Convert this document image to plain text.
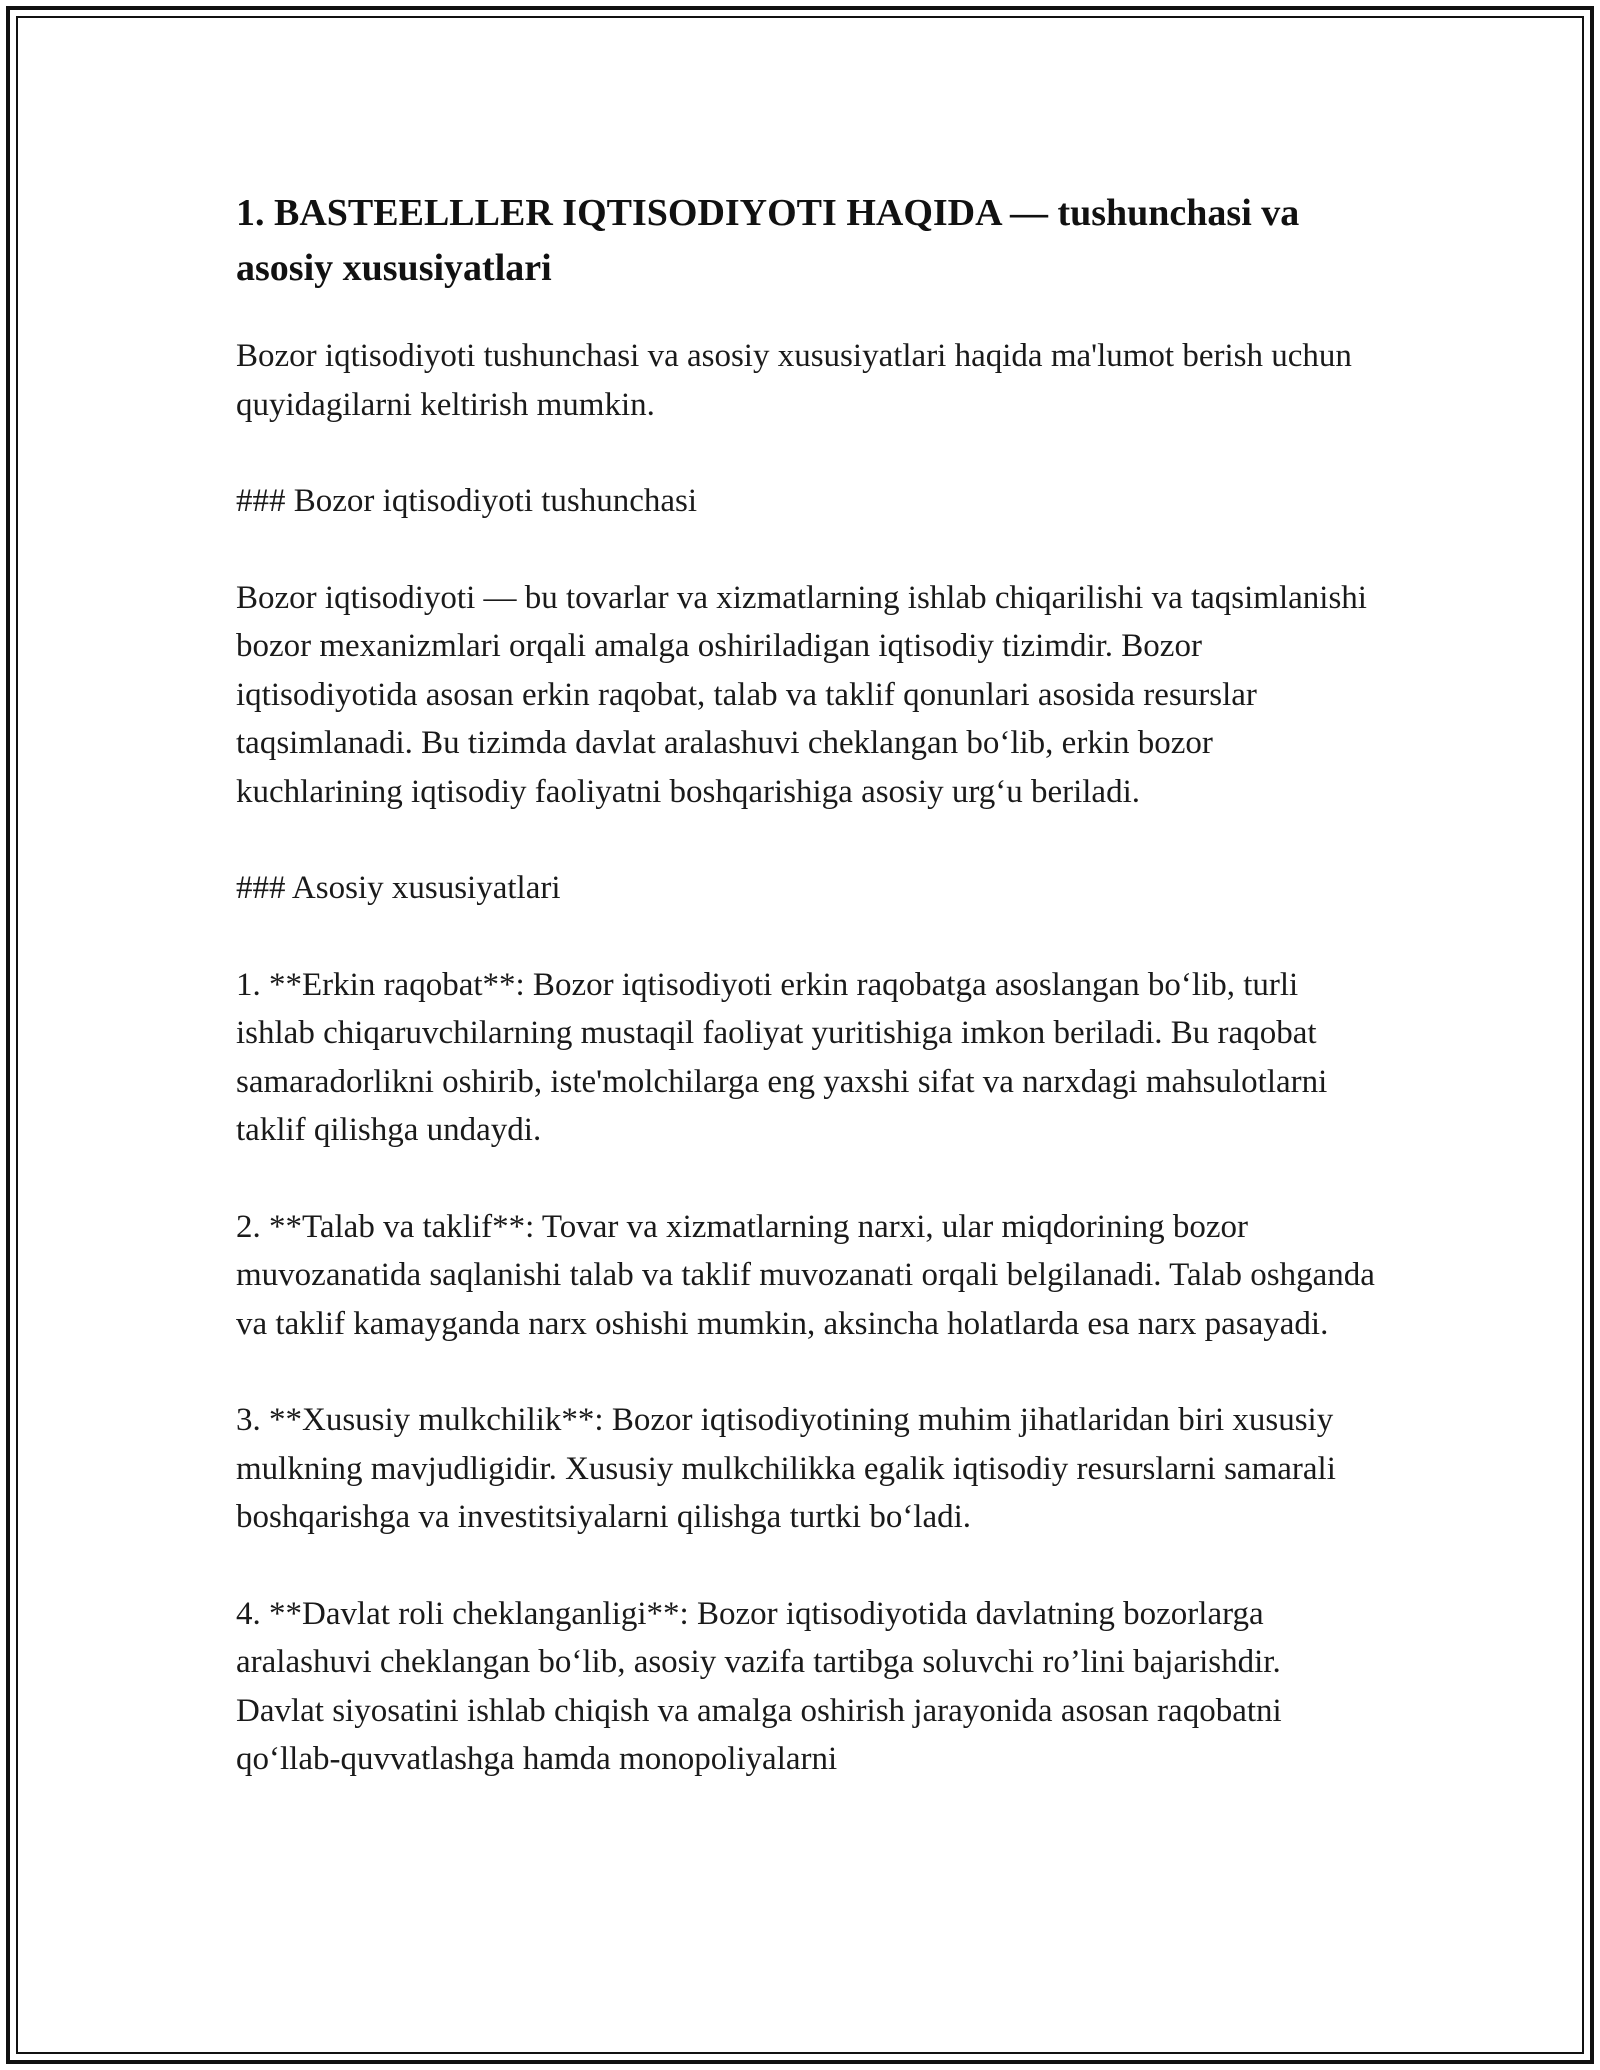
1. BASTEELLLER IQTISODIYOTI HAQIDA — tushunchasi va asosiy xususiyatlari

Bozor iqtisodiyoti tushunchasi va asosiy xususiyatlari haqida ma'lumot berish uchun quyidagilarni keltirish mumkin.

### Bozor iqtisodiyoti tushunchasi

Bozor iqtisodiyoti — bu tovarlar va xizmatlarning ishlab chiqarilishi va taqsimlanishi bozor mexanizmlari orqali amalga oshiriladigan iqtisodiy tizimdir. Bozor iqtisodiyotida asosan erkin raqobat, talab va taklif qonunlari asosida resurslar taqsimlanadi. Bu tizimda davlat aralashuvi cheklangan bo‘lib, erkin bozor kuchlarining iqtisodiy faoliyatni boshqarishiga asosiy urg‘u beriladi.

### Asosiy xususiyatlari

1. **Erkin raqobat**: Bozor iqtisodiyoti erkin raqobatga asoslangan bo‘lib, turli ishlab chiqaruvchilarning mustaqil faoliyat yuritishiga imkon beriladi. Bu raqobat samaradorlikni oshirib, iste'molchilarga eng yaxshi sifat va narxdagi mahsulotlarni taklif qilishga undaydi.

2. **Talab va taklif**: Tovar va xizmatlarning narxi, ular miqdorining bozor muvozanatida saqlanishi talab va taklif muvozanati orqali belgilanadi. Talab oshganda va taklif kamayganda narx oshishi mumkin, aksincha holatlarda esa narx pasayadi.

3. **Xususiy mulkchilik**: Bozor iqtisodiyotining muhim jihatlaridan biri xususiy mulkning mavjudligidir. Xususiy mulkchilikka egalik iqtisodiy resurslarni samarali boshqarishga va investitsiyalarni qilishga turtki bo‘ladi.

4. **Davlat roli cheklanganligi**: Bozor iqtisodiyotida davlatning bozorlarga aralashuvi cheklangan bo‘lib, asosiy vazifa tartibga soluvchi ro’lini bajarishdir. Davlat siyosatini ishlab chiqish va amalga oshirish jarayonida asosan raqobatni qo‘llab-quvvatlashga hamda monopoliyalarni
